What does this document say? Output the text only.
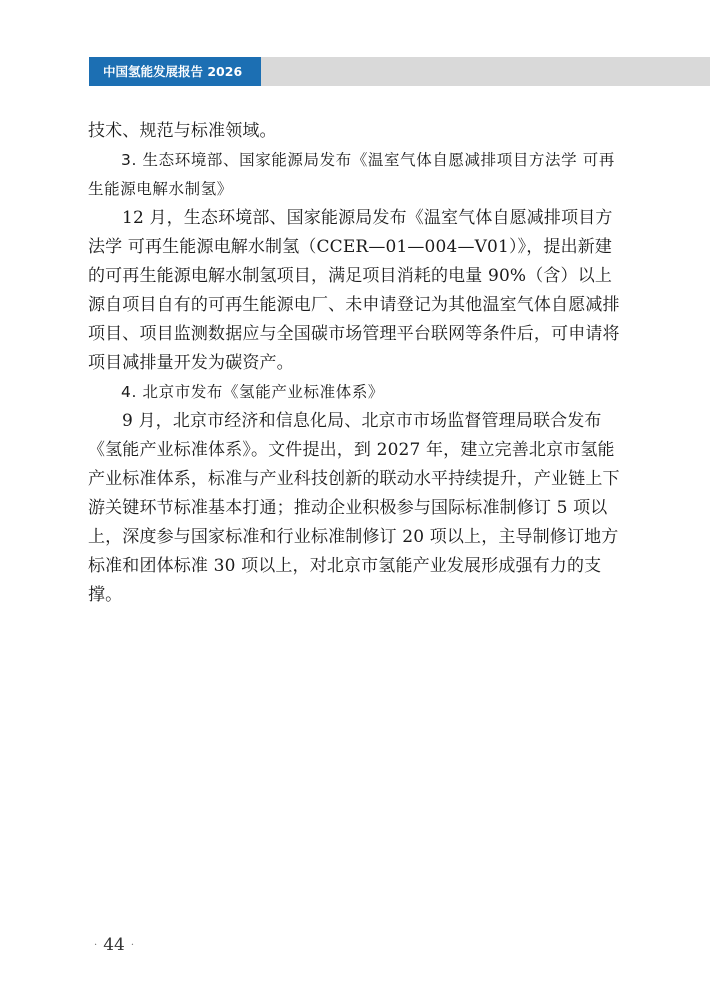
中国氢能发展报告 2026

技术、规范与标准领域。

3. 生态环境部、国家能源局发布《温室气体自愿减排项目方法学 可再生能源电解水制氢》

12 月，生态环境部、国家能源局发布《温室气体自愿减排项目方法学 可再生能源电解水制氢（CCER—01—004—V01）》，提出新建的可再生能源电解水制氢项目，满足项目消耗的电量 90%（含）以上源自项目自有的可再生能源电厂、未申请登记为其他温室气体自愿减排项目、项目监测数据应与全国碳市场管理平台联网等条件后，可申请将项目减排量开发为碳资产。

4. 北京市发布《氢能产业标准体系》

9 月，北京市经济和信息化局、北京市市场监督管理局联合发布《氢能产业标准体系》。文件提出，到 2027 年，建立完善北京市氢能产业标准体系，标准与产业科技创新的联动水平持续提升，产业链上下游关键环节标准基本打通；推动企业积极参与国际标准制修订 5 项以上，深度参与国家标准和行业标准制修订 20 项以上，主导制修订地方标准和团体标准 30 项以上，对北京市氢能产业发展形成强有力的支撑。

· 44 ·
